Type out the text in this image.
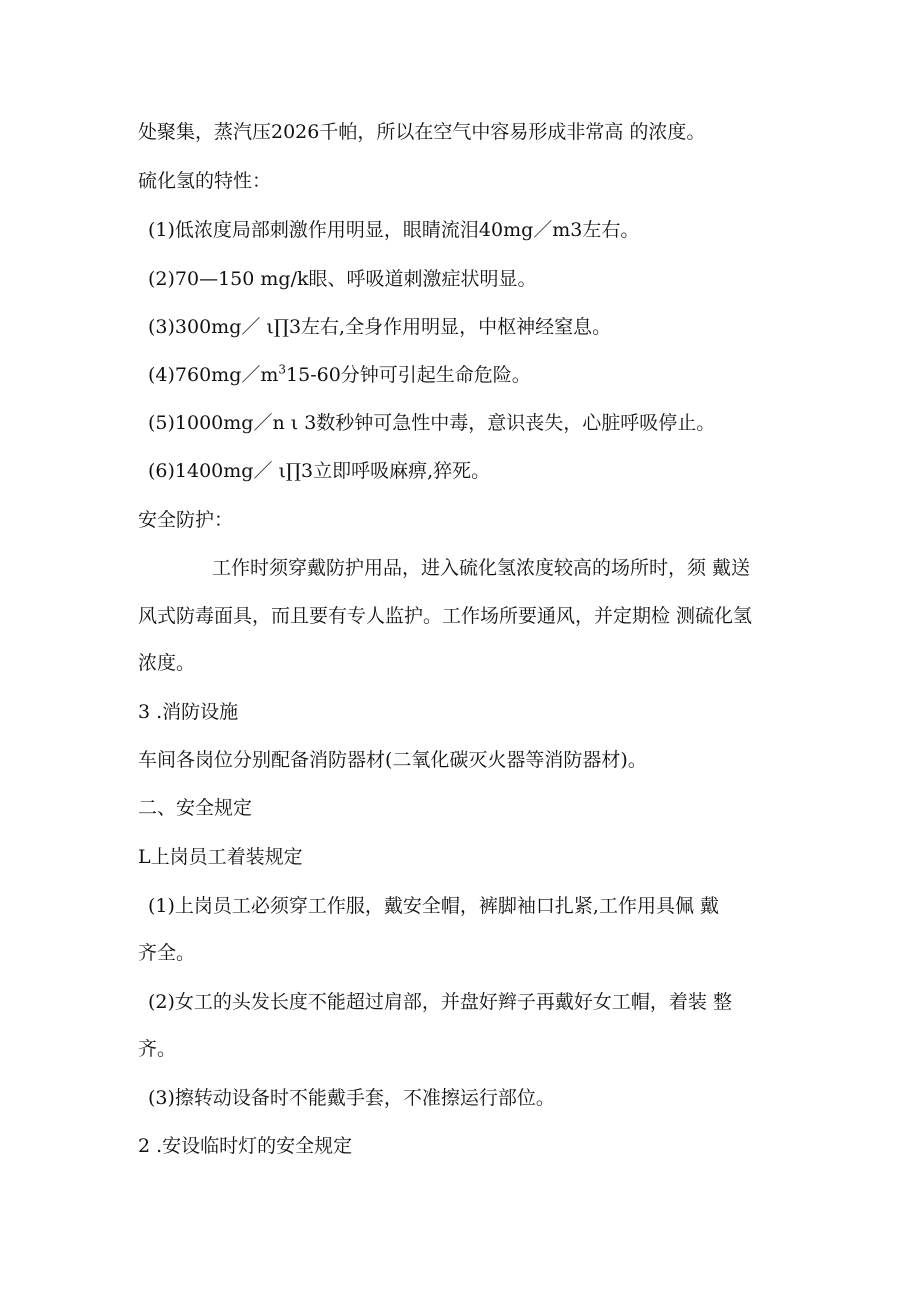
处聚集，蒸汽压2026千帕，所以在空气中容易形成非常高 的浓度。
硫化氢的特性：
(1)低浓度局部刺激作用明显，眼睛流泪40mg／m3左右。
(2)70—150 mg/k眼、呼吸道刺激症状明显。
(3)300mg／ ι∏3左右,全身作用明显，中枢神经窒息。
$(4)760mg/m^315-60$分钟可引起生命危险。
(5)1000mg／n ι 3数秒钟可急性中毒，意识丧失，心脏呼吸停止。
(6)1400mg／ ι∏3立即呼吸麻痹,猝死。
安全防护：
工作时须穿戴防护用品，进入硫化氢浓度较高的场所时，须 戴送
风式防毒面具，而且要有专人监护。工作场所要通风，并定期检 测硫化氢
浓度。
3 .消防设施
车间各岗位分别配备消防器材(二氧化碳灭火器等消防器材)。
二、安全规定
L上岗员工着装规定
(1)上岗员工必须穿工作服，戴安全帽，裤脚袖口扎紧,工作用具佩 戴
齐全。
(2)女工的头发长度不能超过肩部，并盘好辫子再戴好女工帽，着装 整
齐。
(3)擦转动设备时不能戴手套，不准擦运行部位。
2 .安设临时灯的安全规定
